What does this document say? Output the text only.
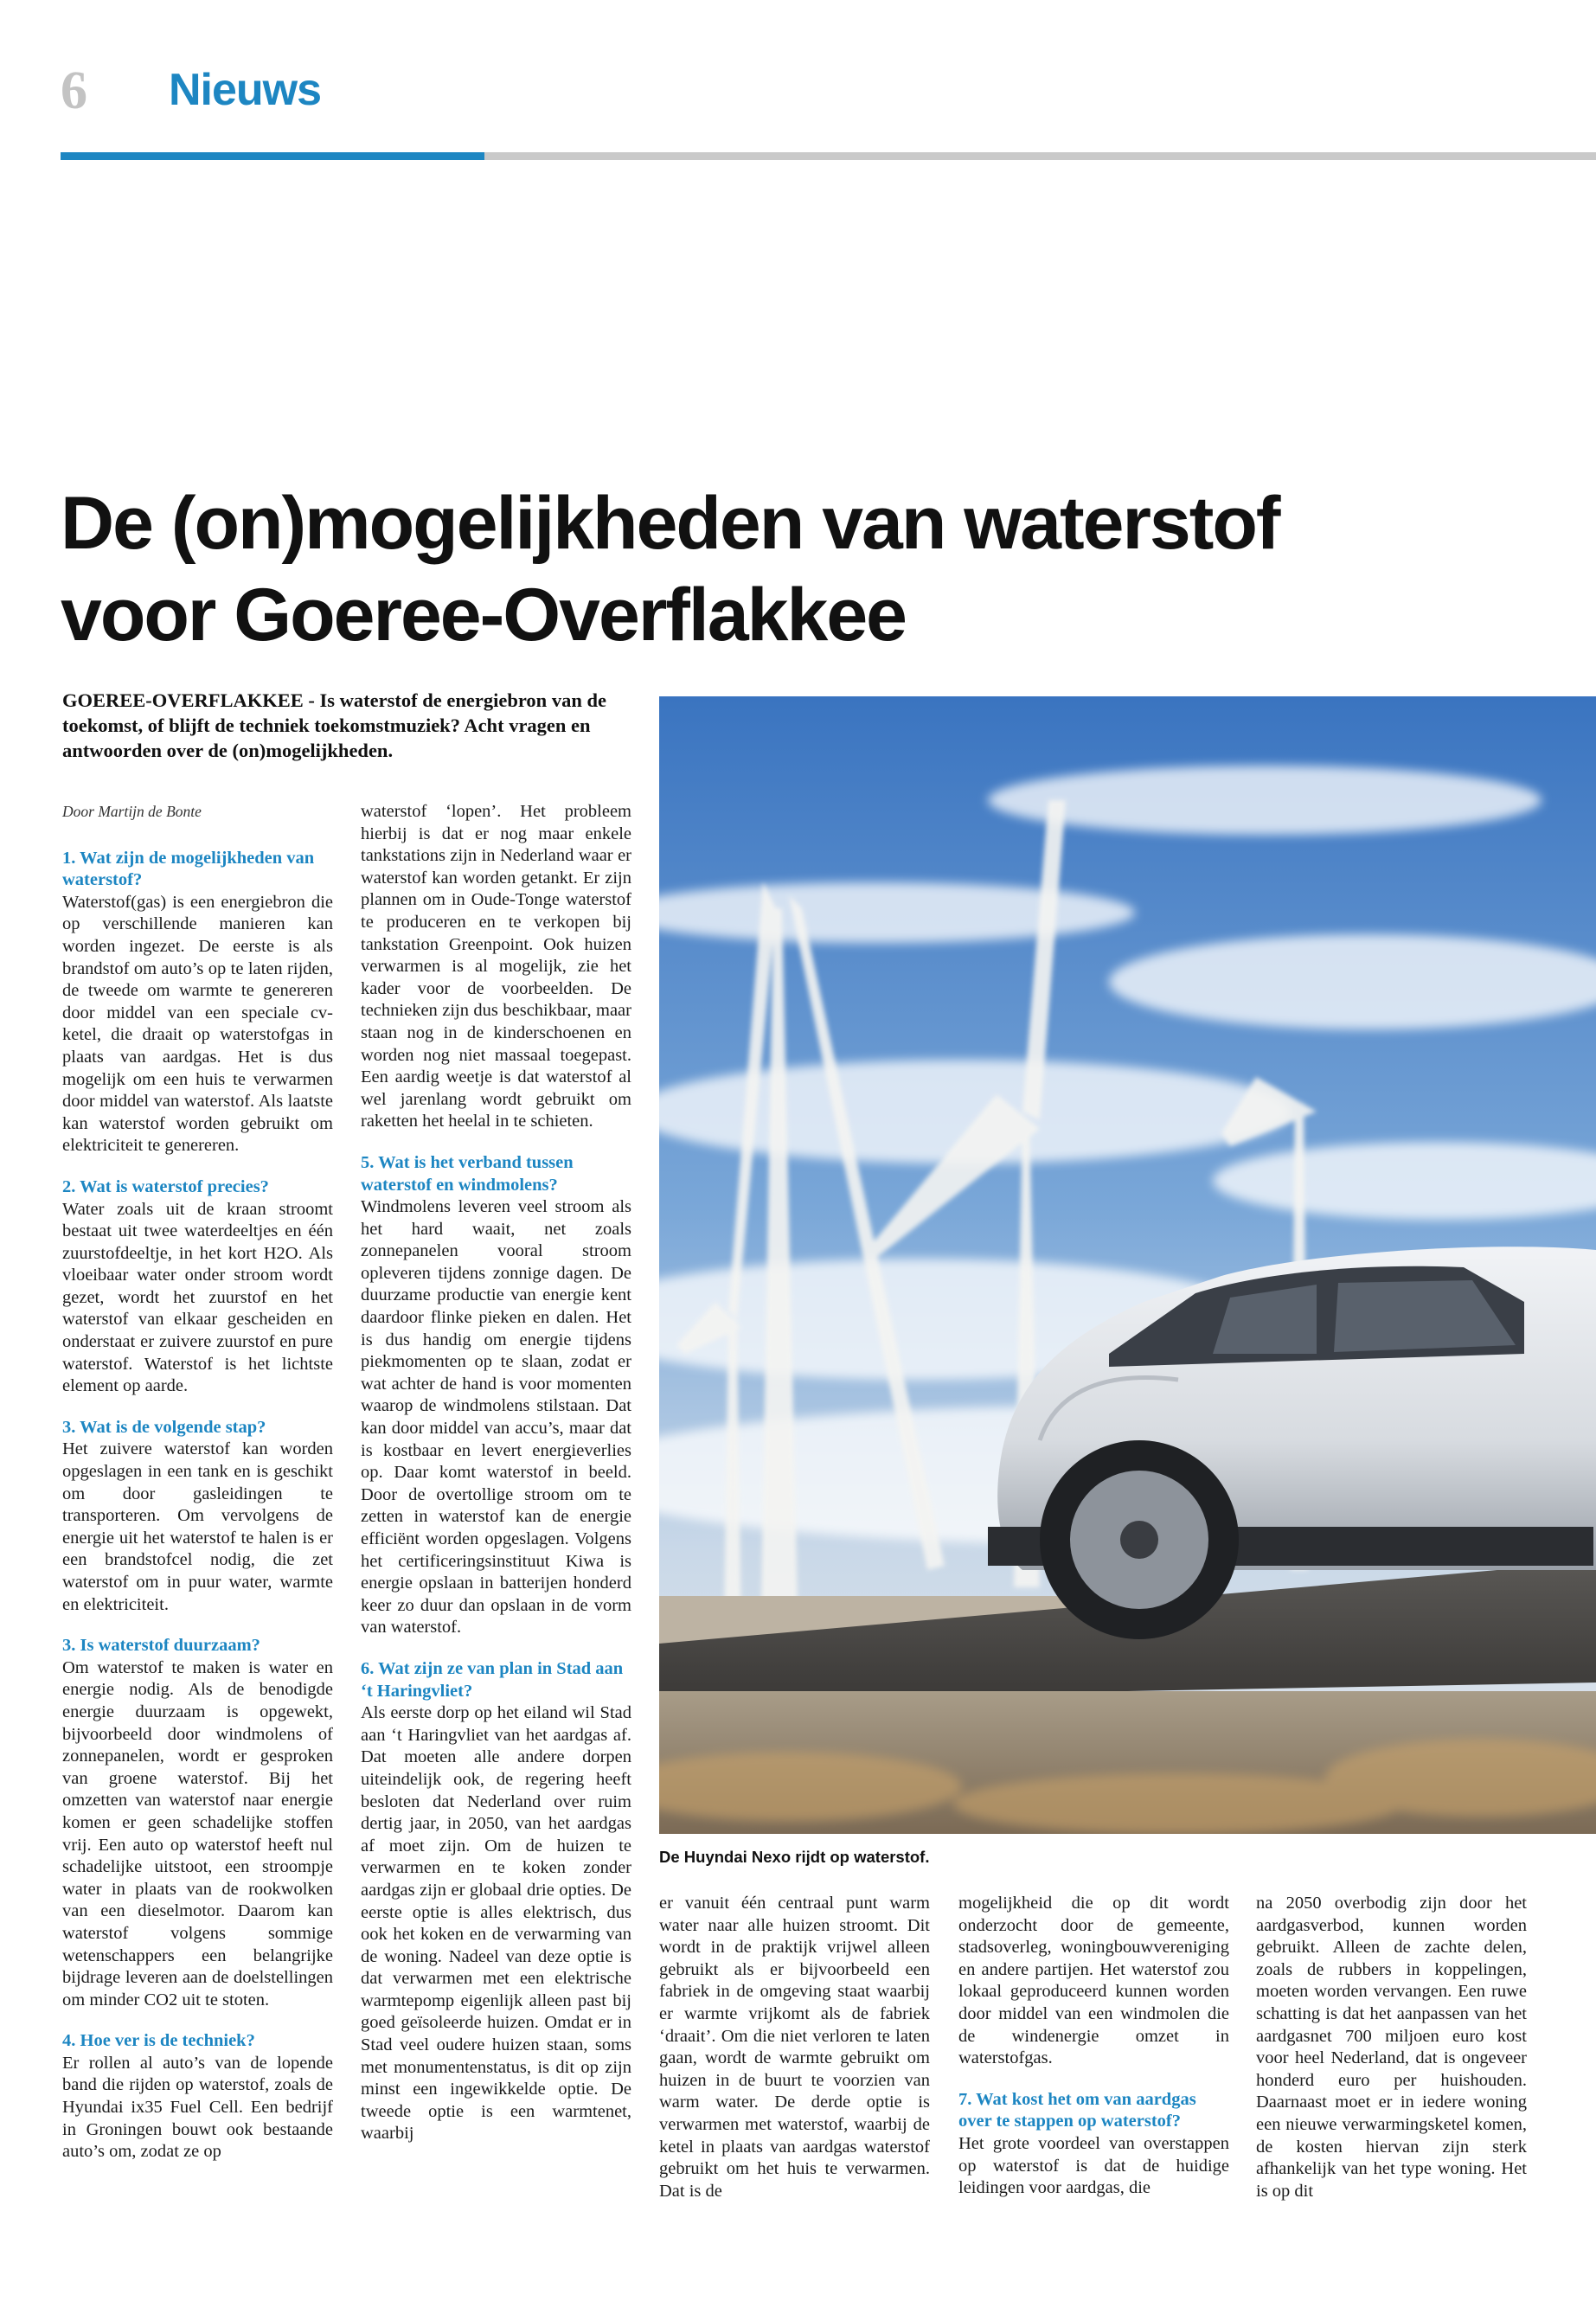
6 Nieuws
De (on)mogelijkheden van waterstof
voor Goeree-Overflakkee

GOEREE-OVERFLAKKEE - Is waterstof de energiebron van de toekomst, of blijft de techniek toekomstmuziek? Acht vragen en antwoorden over de (on)mogelijkheden.

De Huyndai Nexo rijdt op waterstof.

Door Martijn de Bonte

1. Wat zijn de mogelijkheden van waterstof?

Waterstof(gas) is een energiebron die op verschillende manieren kan worden ingezet. De eerste is als brandstof om auto’s op te laten rijden, de tweede om warmte te genereren door middel van een speciale cv-ketel, die draait op waterstofgas in plaats van aardgas. Het is dus mogelijk om een huis te verwarmen door middel van waterstof. Als laatste kan waterstof worden gebruikt om elektriciteit te genereren.

2. Wat is waterstof precies?

Water zoals uit de kraan stroomt bestaat uit twee waterdeeltjes en één zuurstofdeeltje, in het kort H2O. Als vloeibaar water onder stroom wordt gezet, wordt het zuurstof en het waterstof van elkaar gescheiden en onderstaat er zuivere zuurstof en pure waterstof. Waterstof is het lichtste element op aarde.

3. Wat is de volgende stap?

Het zuivere waterstof kan worden opgeslagen in een tank en is geschikt om door gasleidingen te transporteren. Om vervolgens de energie uit het waterstof te halen is er een brandstofcel nodig, die zet waterstof om in puur water, warmte en elektriciteit.

3. Is waterstof duurzaam?

Om waterstof te maken is water en energie nodig. Als de benodigde energie duurzaam is opgewekt, bijvoorbeeld door windmolens of zonnepanelen, wordt er gesproken van groene waterstof. Bij het omzetten van waterstof naar energie komen er geen schadelijke stoffen vrij. Een auto op waterstof heeft nul schadelijke uitstoot, een stroompje water in plaats van de rookwolken van een dieselmotor. Daarom kan waterstof volgens sommige wetenschappers een belangrijke bijdrage leveren aan de doelstellingen om minder CO2 uit te stoten.

4. Hoe ver is de techniek?

Er rollen al auto’s van de lopende band die rijden op waterstof, zoals de Hyundai ix35 Fuel Cell. Een bedrijf in Groningen bouwt ook bestaande auto’s om, zodat ze op

waterstof ‘lopen’. Het probleem hierbij is dat er nog maar enkele tankstations zijn in Nederland waar er waterstof kan worden getankt. Er zijn plannen om in Oude-Tonge waterstof te produceren en te verkopen bij tankstation Greenpoint. Ook huizen verwarmen is al mogelijk, zie het kader voor de voorbeelden. De technieken zijn dus beschikbaar, maar staan nog in de kinderschoenen en worden nog niet massaal toegepast. Een aardig weetje is dat waterstof al wel jarenlang wordt gebruikt om raketten het heelal in te schieten.

5. Wat is het verband tussen waterstof en windmolens?

Windmolens leveren veel stroom als het hard waait, net zoals zonnepanelen vooral stroom opleveren tijdens zonnige dagen. De duurzame productie van energie kent daardoor flinke pieken en dalen. Het is dus handig om energie tijdens piekmomenten op te slaan, zodat er wat achter de hand is voor momenten waarop de windmolens stilstaan. Dat kan door middel van accu’s, maar dat is kostbaar en levert energieverlies op. Daar komt waterstof in beeld. Door de overtollige stroom om te zetten in waterstof kan de energie efficiënt worden opgeslagen. Volgens het certificeringsinstituut Kiwa is energie opslaan in batterijen honderd keer zo duur dan opslaan in de vorm van waterstof.

6. Wat zijn ze van plan in Stad aan ‘t Haringvliet?

Als eerste dorp op het eiland wil Stad aan ‘t Haringvliet van het aardgas af. Dat moeten alle andere dorpen uiteindelijk ook, de regering heeft besloten dat Nederland over ruim dertig jaar, in 2050, van het aardgas af moet zijn. Om de huizen te verwarmen en te koken zonder aardgas zijn er globaal drie opties. De eerste optie is alles elektrisch, dus ook het koken en de verwarming van de woning. Nadeel van deze optie is dat verwarmen met een elektrische warmtepomp eigenlijk alleen past bij goed geïsoleerde huizen. Omdat er in Stad veel oudere huizen staan, soms met monumentenstatus, is dit op zijn minst een ingewikkelde optie. De tweede optie is een warmtenet, waarbij

er vanuit één centraal punt warm water naar alle huizen stroomt. Dit wordt in de praktijk vrijwel alleen gebruikt als er bijvoorbeeld een fabriek in de omgeving staat waarbij er warmte vrijkomt als de fabriek ‘draait’. Om die niet verloren te laten gaan, wordt de warmte gebruikt om huizen in de buurt te voorzien van warm water. De derde optie is verwarmen met waterstof, waarbij de ketel in plaats van aardgas waterstof gebruikt om het huis te verwarmen. Dat is de

mogelijkheid die op dit wordt onderzocht door de gemeente, stadsoverleg, woningbouwvereniging en andere partijen. Het waterstof zou lokaal geproduceerd kunnen worden door middel van een windmolen die de windenergie omzet in waterstofgas.

7. Wat kost het om van aardgas over te stappen op waterstof?

Het grote voordeel van overstappen op waterstof is dat de huidige leidingen voor aardgas, die

na 2050 overbodig zijn door het aardgasverbod, kunnen worden gebruikt. Alleen de zachte delen, zoals de rubbers in koppelingen, moeten worden vervangen. Een ruwe schatting is dat het aanpassen van het aardgasnet 700 miljoen euro kost voor heel Nederland, dat is ongeveer honderd euro per huishouden. Daarnaast moet er in iedere woning een nieuwe verwarmingsketel komen, de kosten hiervan zijn sterk afhankelijk van het type woning. Het is op dit
